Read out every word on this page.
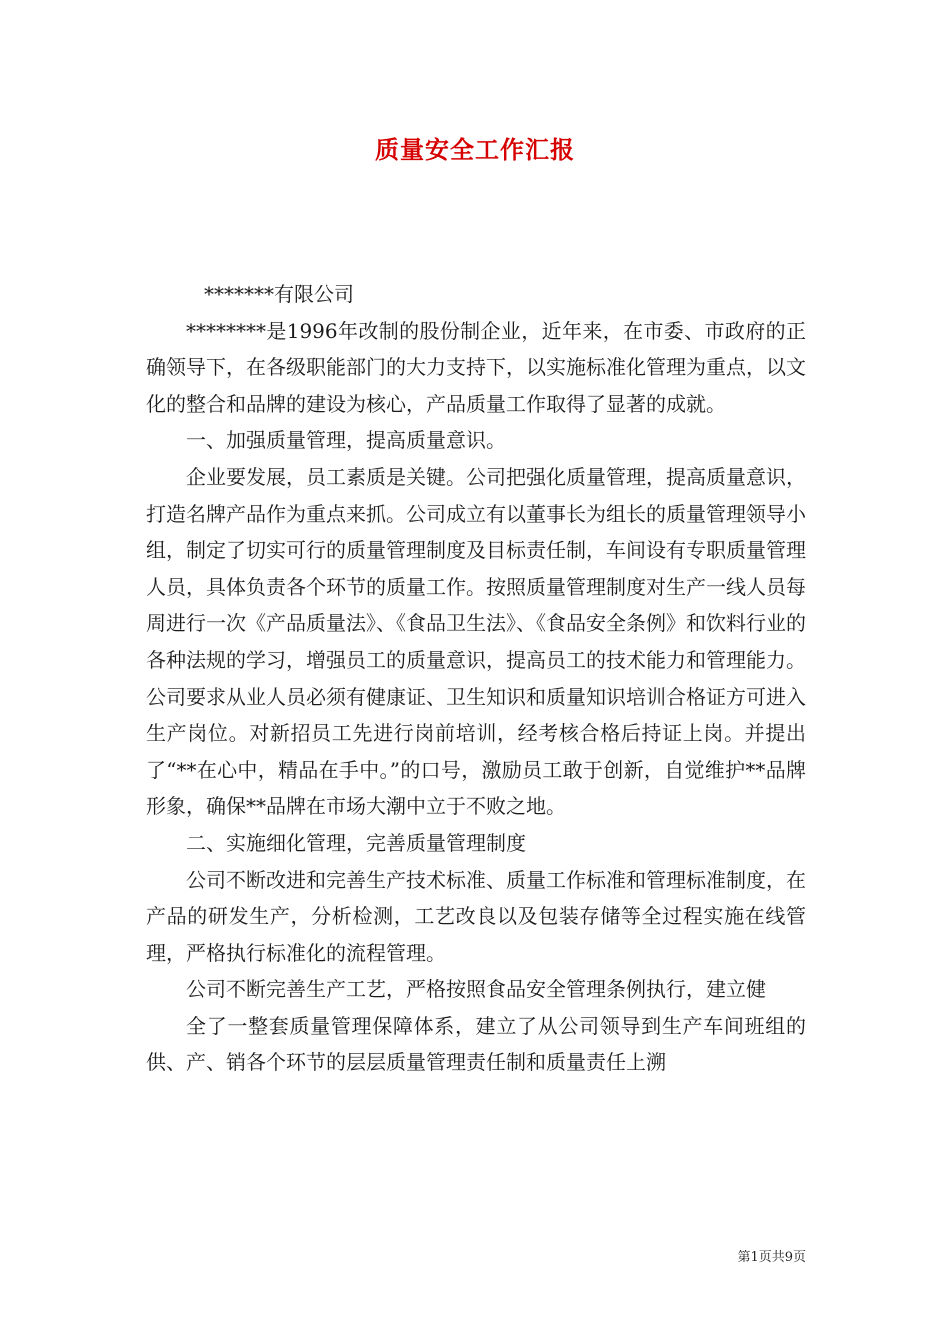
质量安全工作汇报

*******有限公司

********是1996年改制的股份制企业，近年来，在市委、市政府的正确领导下，在各级职能部门的大力支持下，以实施标准化管理为重点，以文化的整合和品牌的建设为核心，产品质量工作取得了显著的成就。

一、加强质量管理，提高质量意识。

企业要发展，员工素质是关键。公司把强化质量管理，提高质量意识，打造名牌产品作为重点来抓。公司成立有以董事长为组长的质量管理领导小组，制定了切实可行的质量管理制度及目标责任制，车间设有专职质量管理人员，具体负责各个环节的质量工作。按照质量管理制度对生产一线人员每周进行一次《产品质量法》、《食品卫生法》、《食品安全条例》和饮料行业的各种法规的学习，增强员工的质量意识，提高员工的技术能力和管理能力。公司要求从业人员必须有健康证、卫生知识和质量知识培训合格证方可进入生产岗位。对新招员工先进行岗前培训，经考核合格后持证上岗。并提出了“**在心中，精品在手中。”的口号，激励员工敢于创新，自觉维护**品牌形象，确保**品牌在市场大潮中立于不败之地。

二、实施细化管理，完善质量管理制度

公司不断改进和完善生产技术标准、质量工作标准和管理标准制度，在产品的研发生产，分析检测，工艺改良以及包装存储等全过程实施在线管理，严格执行标准化的流程管理。

公司不断完善生产工艺，严格按照食品安全管理条例执行，建立健

全了一整套质量管理保障体系，建立了从公司领导到生产车间班组的供、产、销各个环节的层层质量管理责任制和质量责任上溯

第1页共9页
